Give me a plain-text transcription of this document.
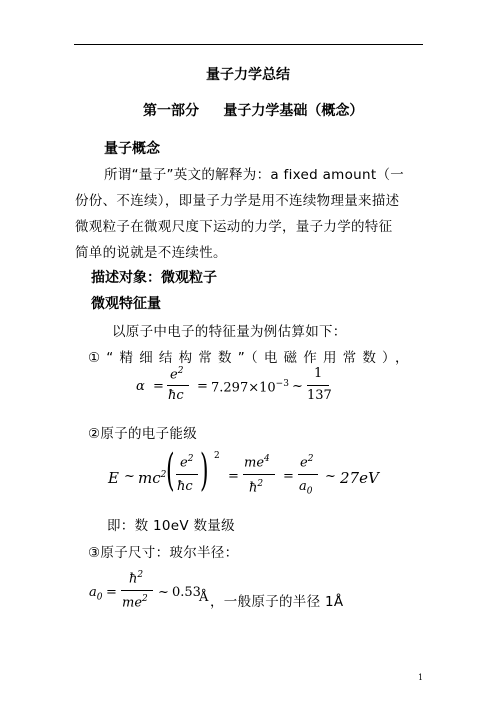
量子力学总结
第一部分     量子力学基础（概念）
量子概念
所谓“量子”英文的解释为：a fixed amount（一
份份、不连续），即量子力学是用不连续物理量来描述
微观粒子在微观尺度下运动的力学，量子力学的特征
简单的说就是不连续性。
描述对象：微观粒子
微观特征量
以原子中电子的特征量为例估算如下：
①“精细结构常数”（电磁作用常数），
α =
$e^2$
ħc
= $7.297\times 10^{-3}$ ~
1
137
②原子的电子能级
E ~ $mc^2$ ( $e^2$
ħc ) 2
=
$me^4$
$ħ^2$ =
$e^2$
$a_0$
~ 27eV
即：数 10eV 数量级
③原子尺寸：玻尔半径：
$a_0$ =
$ħ^2$
$me^2$ ~ 0.53
Å ，一般原子的半径 1Å
1
